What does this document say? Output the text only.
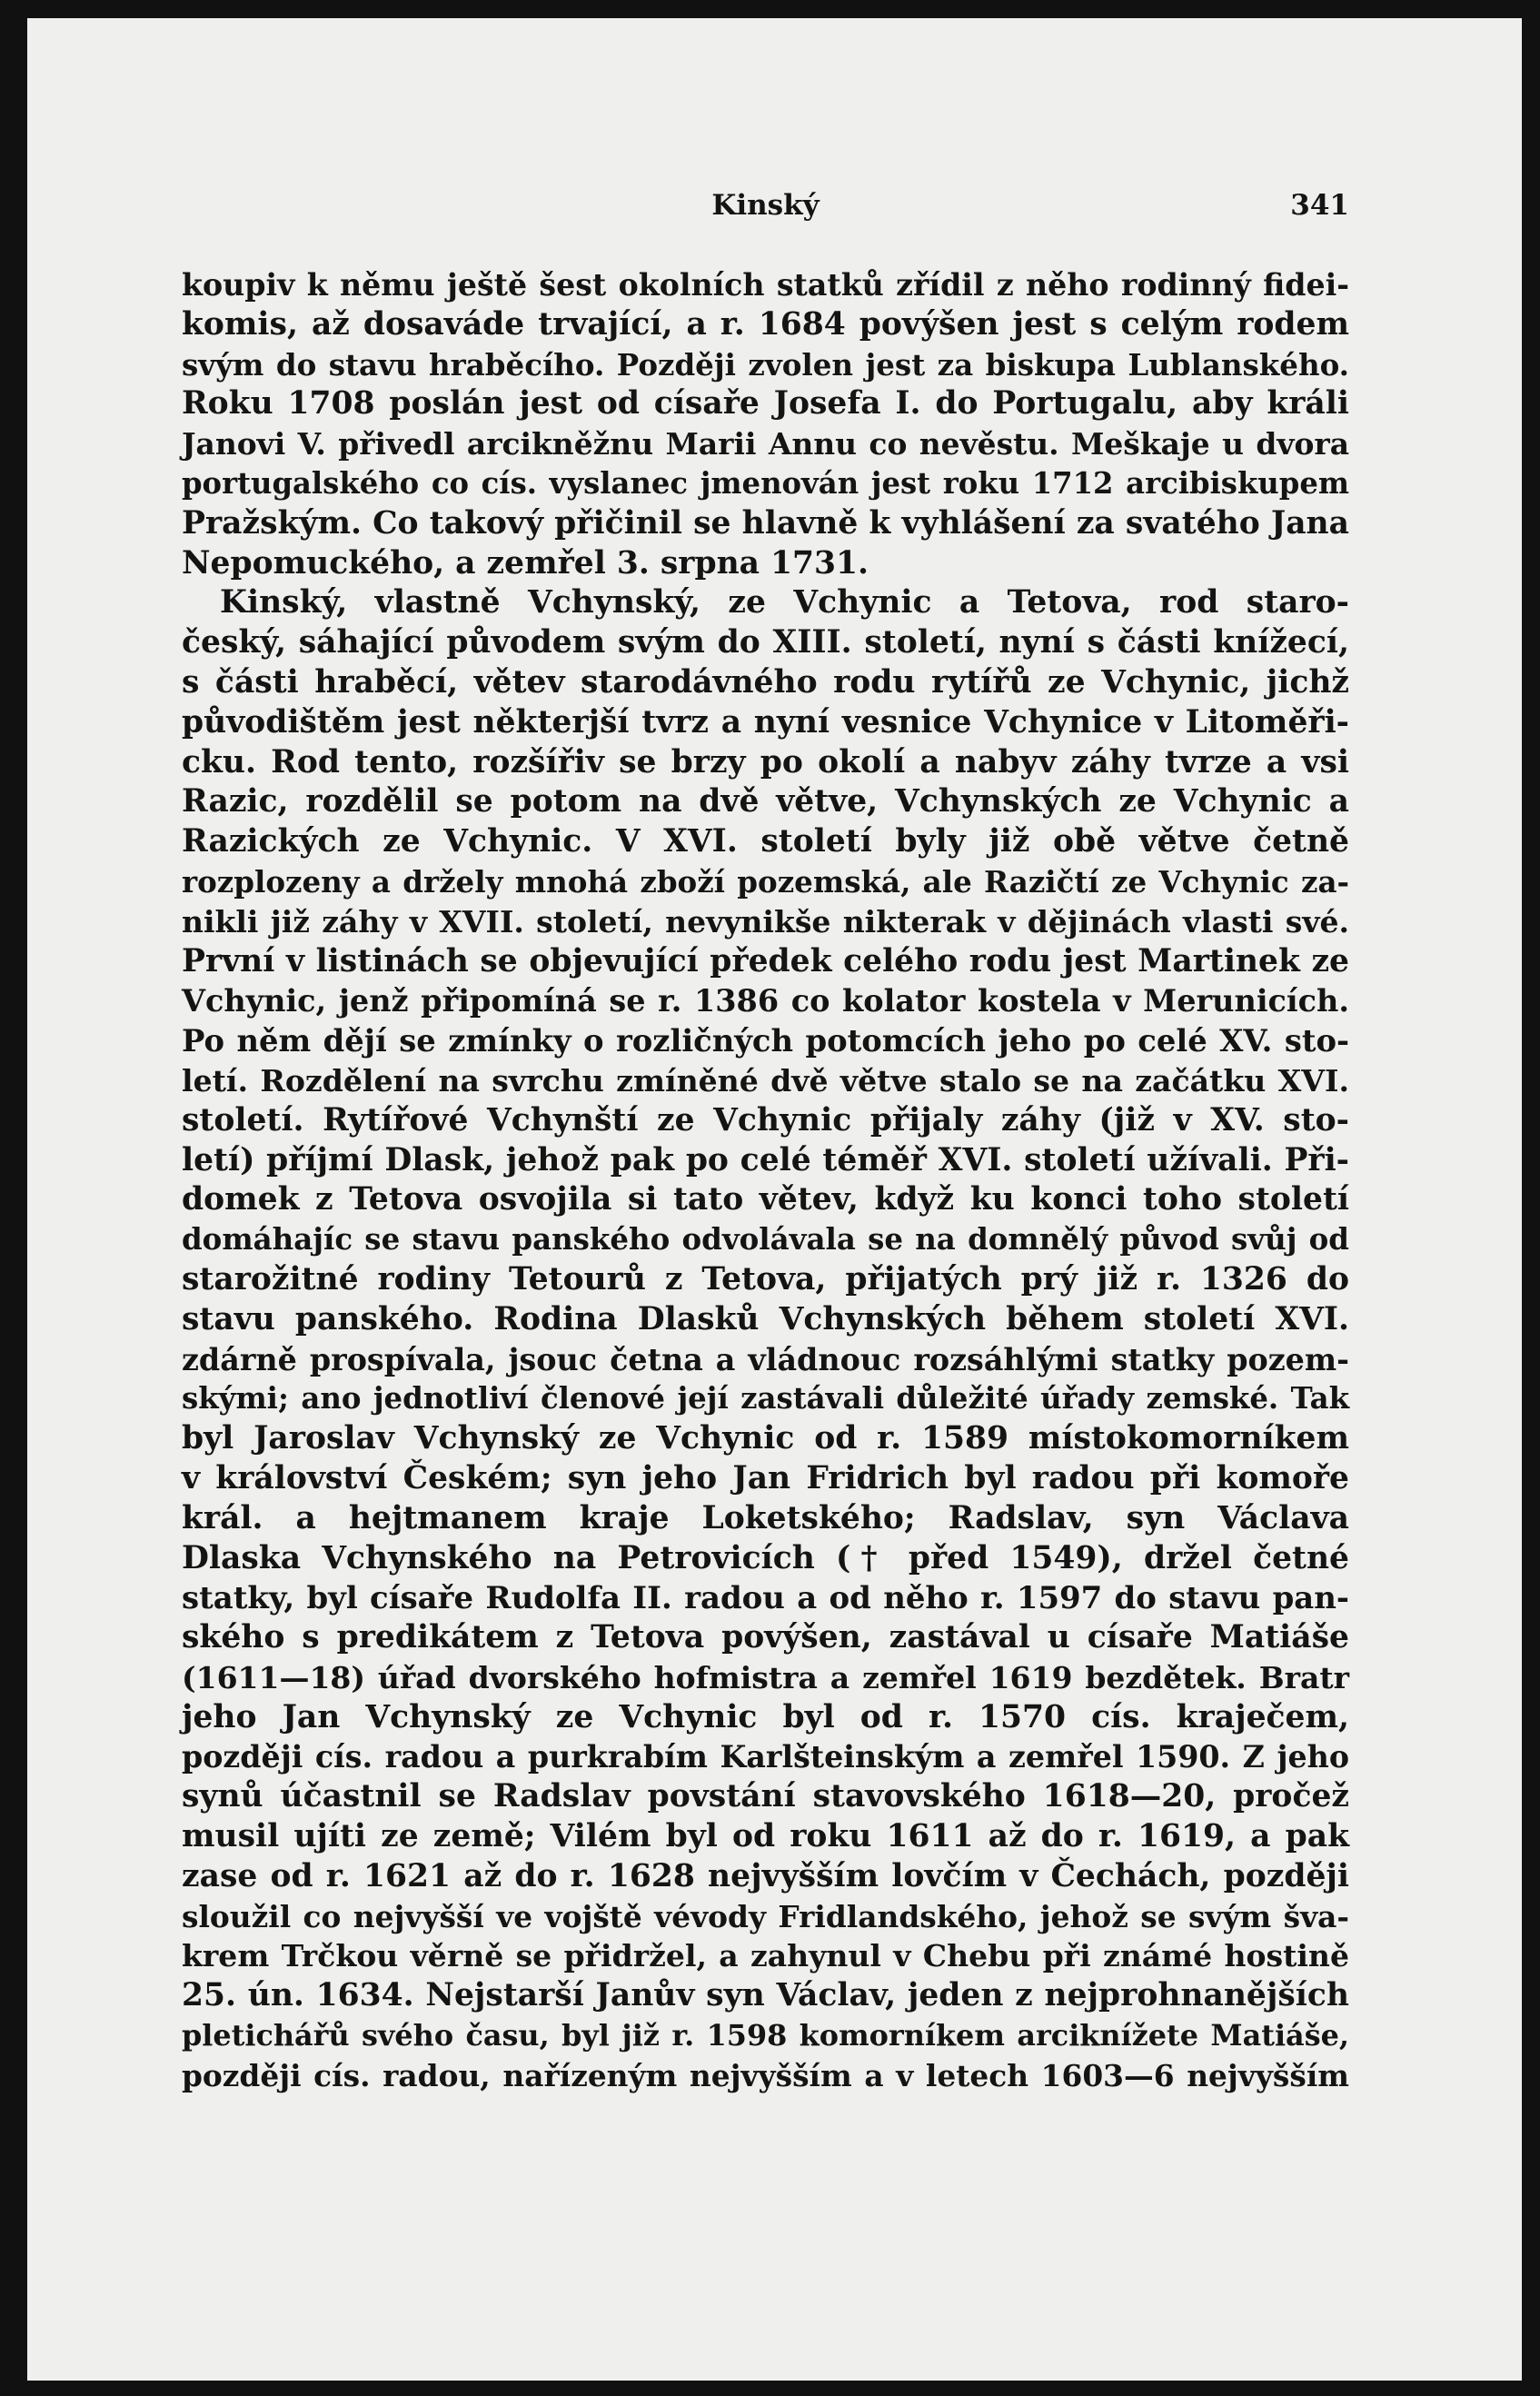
Kinský	341
koupiv k němu ještě šest okolních statků zřídil z něho rodinný fidei-
komis, až dosaváde trvající, a r. 1684 povýšen jest s celým rodem
svým do stavu hraběcího. Později zvolen jest za biskupa Lublanského.
Roku 1708 poslán jest od císaře Josefa I. do Portugalu, aby králi
Janovi V. přivedl arcikněžnu Marii Annu co nevěstu. Meškaje u dvora
portugalského co cís. vyslanec jmenován jest roku 1712 arcibiskupem
Pražským. Co takový přičinil se hlavně k vyhlášení za svatého Jana
Nepomuckého, a zemřel 3. srpna 1731.
Kinský, vlastně Vchynský, ze Vchynic a Tetova, rod staro-
český, sáhající původem svým do XIII. století, nyní s části knížecí,
s části hraběcí, větev starodávného rodu rytířů ze Vchynic, jichž
původištěm jest některjší tvrz a nyní vesnice Vchynice v Litoměři-
cku. Rod tento, rozšířiv se brzy po okolí a nabyv záhy tvrze a vsi
Razic, rozdělil se potom na dvě větve, Vchynských ze Vchynic a
Razických ze Vchynic. V XVI. století byly již obě větve četně
rozplozeny a držely mnohá zboží pozemská, ale Razičtí ze Vchynic za-
nikli již záhy v XVII. století, nevynikše nikterak v dějinách vlasti své.
První v listinách se objevující předek celého rodu jest Martinek ze
Vchynic, jenž připomíná se r. 1386 co kolator kostela v Merunicích.
Po něm dějí se zmínky o rozličných potomcích jeho po celé XV. sto-
letí. Rozdělení na svrchu zmíněné dvě větve stalo se na začátku XVI.
století. Rytířové Vchynští ze Vchynic přijaly záhy (již v XV. sto-
letí) příjmí Dlask, jehož pak po celé téměř XVI. století užívali. Při-
domek z Tetova osvojila si tato větev, když ku konci toho století
domáhajíc se stavu panského odvolávala se na domnělý původ svůj od
starožitné rodiny Tetourů z Tetova, přijatých prý již r. 1326 do
stavu panského. Rodina Dlasků Vchynských během století XVI.
zdárně prospívala, jsouc četna a vládnouc rozsáhlými statky pozem-
skými; ano jednotliví členové její zastávali důležité úřady zemské. Tak
byl Jaroslav Vchynský ze Vchynic od r. 1589 místokomorníkem
v království Českém; syn jeho Jan Fridrich byl radou při komoře
král. a hejtmanem kraje Loketského; Radslav, syn Václava
Dlaska Vchynského na Petrovicích († před 1549), držel četné
statky, byl císaře Rudolfa II. radou a od něho r. 1597 do stavu pan-
ského s predikátem z Tetova povýšen, zastával u císaře Matiáše
(1611—18) úřad dvorského hofmistra a zemřel 1619 bezdětek. Bratr
jeho Jan Vchynský ze Vchynic byl od r. 1570 cís. kraječem,
později cís. radou a purkrabím Karlšteinským a zemřel 1590. Z jeho
synů účastnil se Radslav povstání stavovského 1618—20, pročež
musil ujíti ze země; Vilém byl od roku 1611 až do r. 1619, a pak
zase od r. 1621 až do r. 1628 nejvyšším lovčím v Čechách, později
sloužil co nejvyšší ve vojště vévody Fridlandského, jehož se svým šva-
krem Trčkou věrně se přidržel, a zahynul v Chebu při známé hostině
25. ún. 1634. Nejstarší Janův syn Václav, jeden z nejprohnanějších
pletichářů svého času, byl již r. 1598 komorníkem arciknížete Matiáše,
později cís. radou, nařízeným nejvyšším a v letech 1603—6 nejvyšším
